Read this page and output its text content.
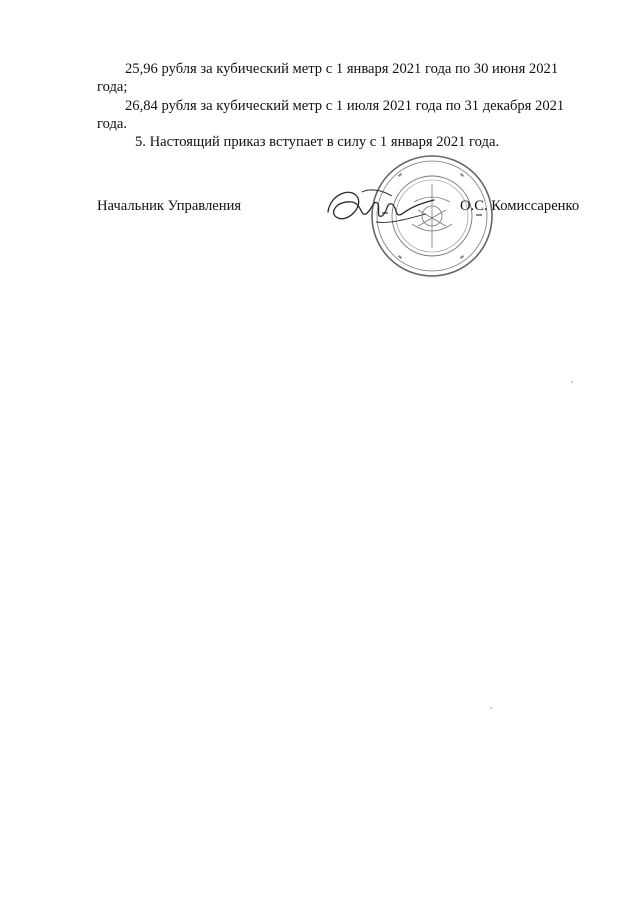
25,96 рубля за кубический метр с 1 января 2021 года по 30 июня 2021
года;
26,84 рубля за кубический метр с 1 июля 2021 года по 31 декабря 2021
года.
5. Настоящий приказ вступает в силу с 1 января 2021 года.
Начальник Управления	О.С. Комиссаренко
